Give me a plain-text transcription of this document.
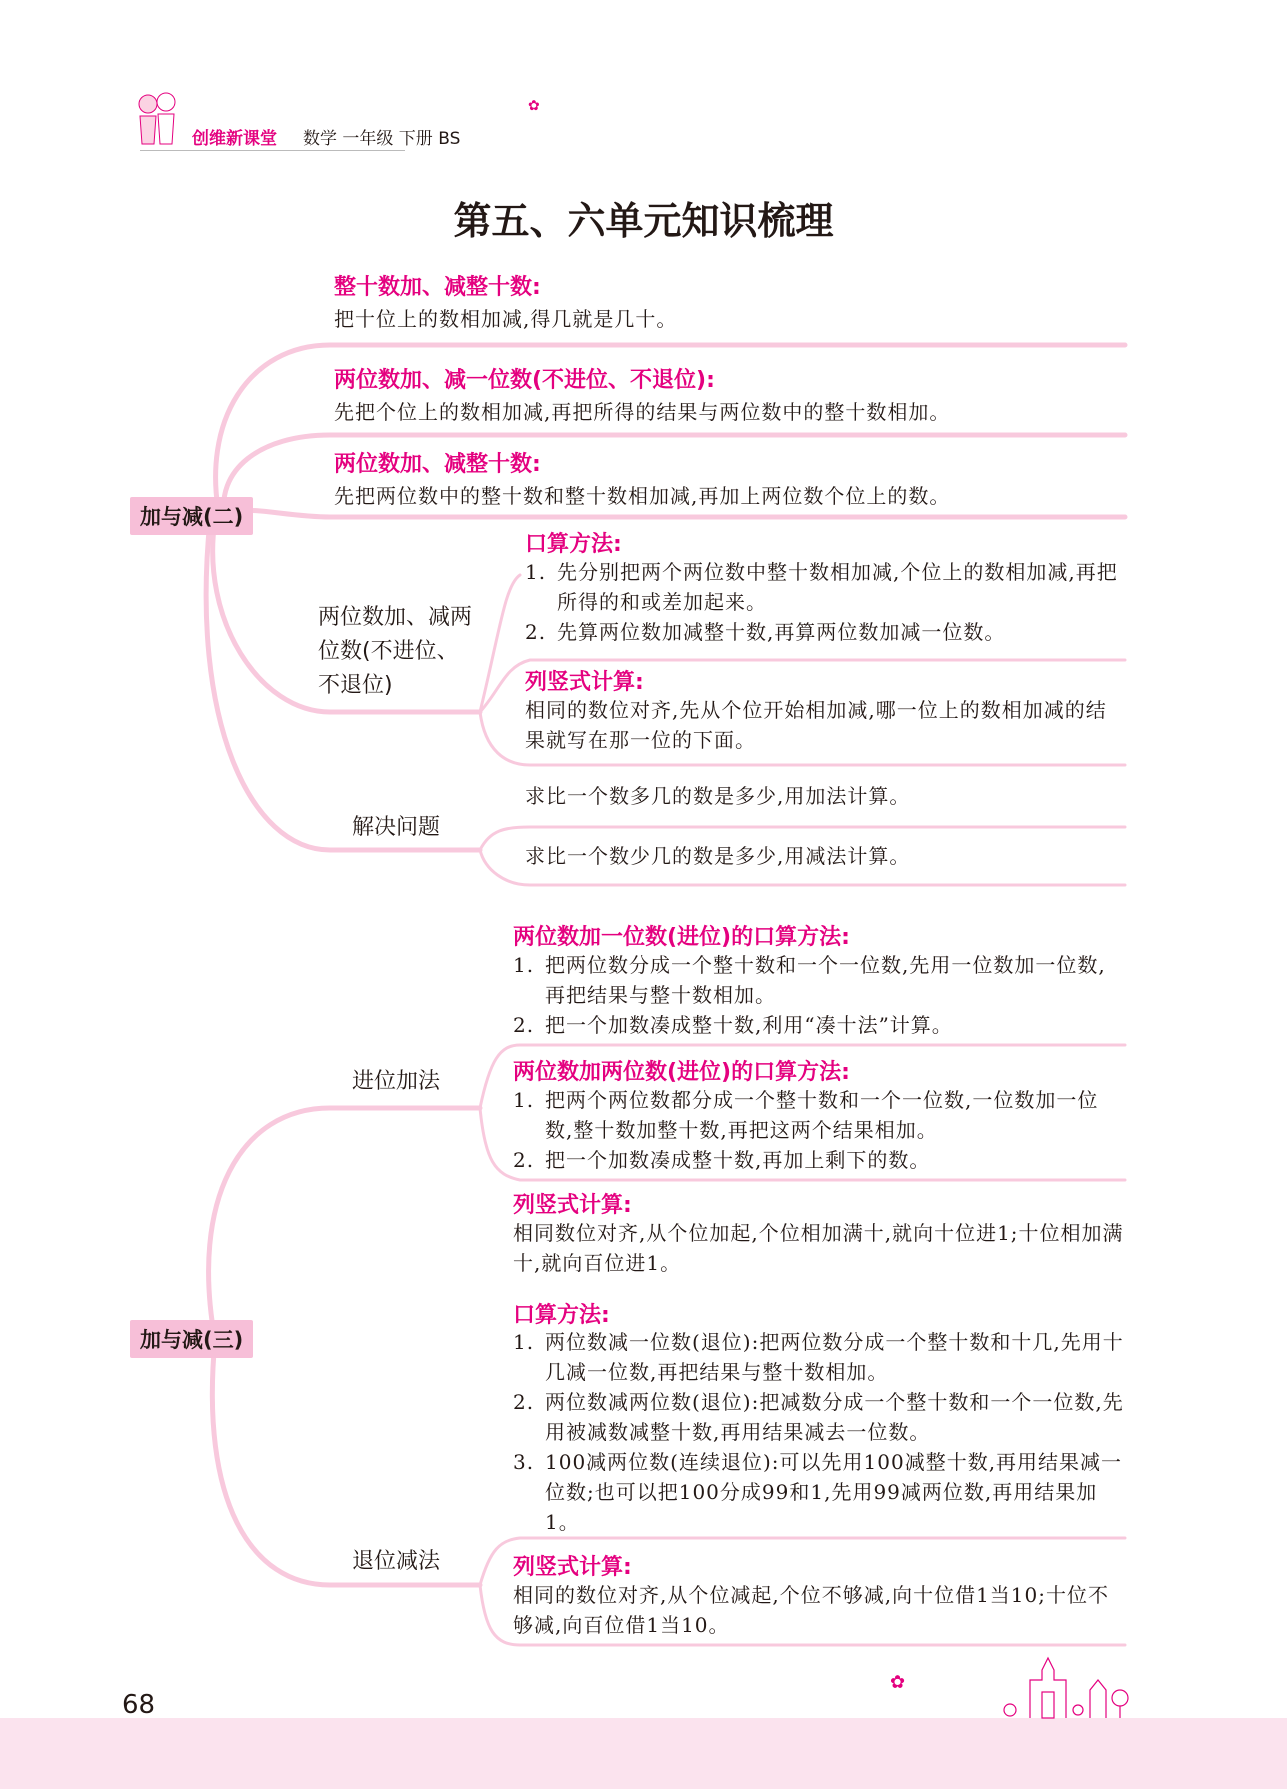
创维新课堂 数学 一年级 下册 BS
✿
第五、六单元知识梳理
加与减(二)
整十数加、减整十数:
把十位上的数相加减,得几就是几十。
两位数加、减一位数(不进位、不退位):
先把个位上的数相加减,再把所得的结果与两位数中的整十数相加。
两位数加、减整十数:
先把两位数中的整十数和整十数相加减,再加上两位数个位上的数。
两位数加、减两
位数(不进位、
不退位)
口算方法:
1. 先分别把两个两位数中整十数相加减,个位上的数相加减,再把所得的和或差加起来。
2. 先算两位数加减整十数,再算两位数加减一位数。
列竖式计算:
相同的数位对齐,先从个位开始相加减,哪一位上的数相加减的结果就写在那一位的下面。
解决问题
求比一个数多几的数是多少,用加法计算。
求比一个数少几的数是多少,用减法计算。
加与减(三)
进位加法
两位数加一位数(进位)的口算方法:
1. 把两位数分成一个整十数和一个一位数,先用一位数加一位数,再把结果与整十数相加。
2. 把一个加数凑成整十数,利用“凑十法”计算。
两位数加两位数(进位)的口算方法:
1. 把两个两位数都分成一个整十数和一个一位数,一位数加一位数,整十数加整十数,再把这两个结果相加。
2. 把一个加数凑成整十数,再加上剩下的数。
列竖式计算:
相同数位对齐,从个位加起,个位相加满十,就向十位进1;十位相加满十,就向百位进1。
退位减法
口算方法:
1. 两位数减一位数(退位):把两位数分成一个整十数和十几,先用十几减一位数,再把结果与整十数相加。
2. 两位数减两位数(退位):把减数分成一个整十数和一个一位数,先用被减数减整十数,再用结果减去一位数。
3. 100减两位数(连续退位):可以先用100减整十数,再用结果减一位数;也可以把100分成99和1,先用99减两位数,再用结果加1。
列竖式计算:
相同的数位对齐,从个位减起,个位不够减,向十位借1当10;十位不够减,向百位借1当10。
68
✿
